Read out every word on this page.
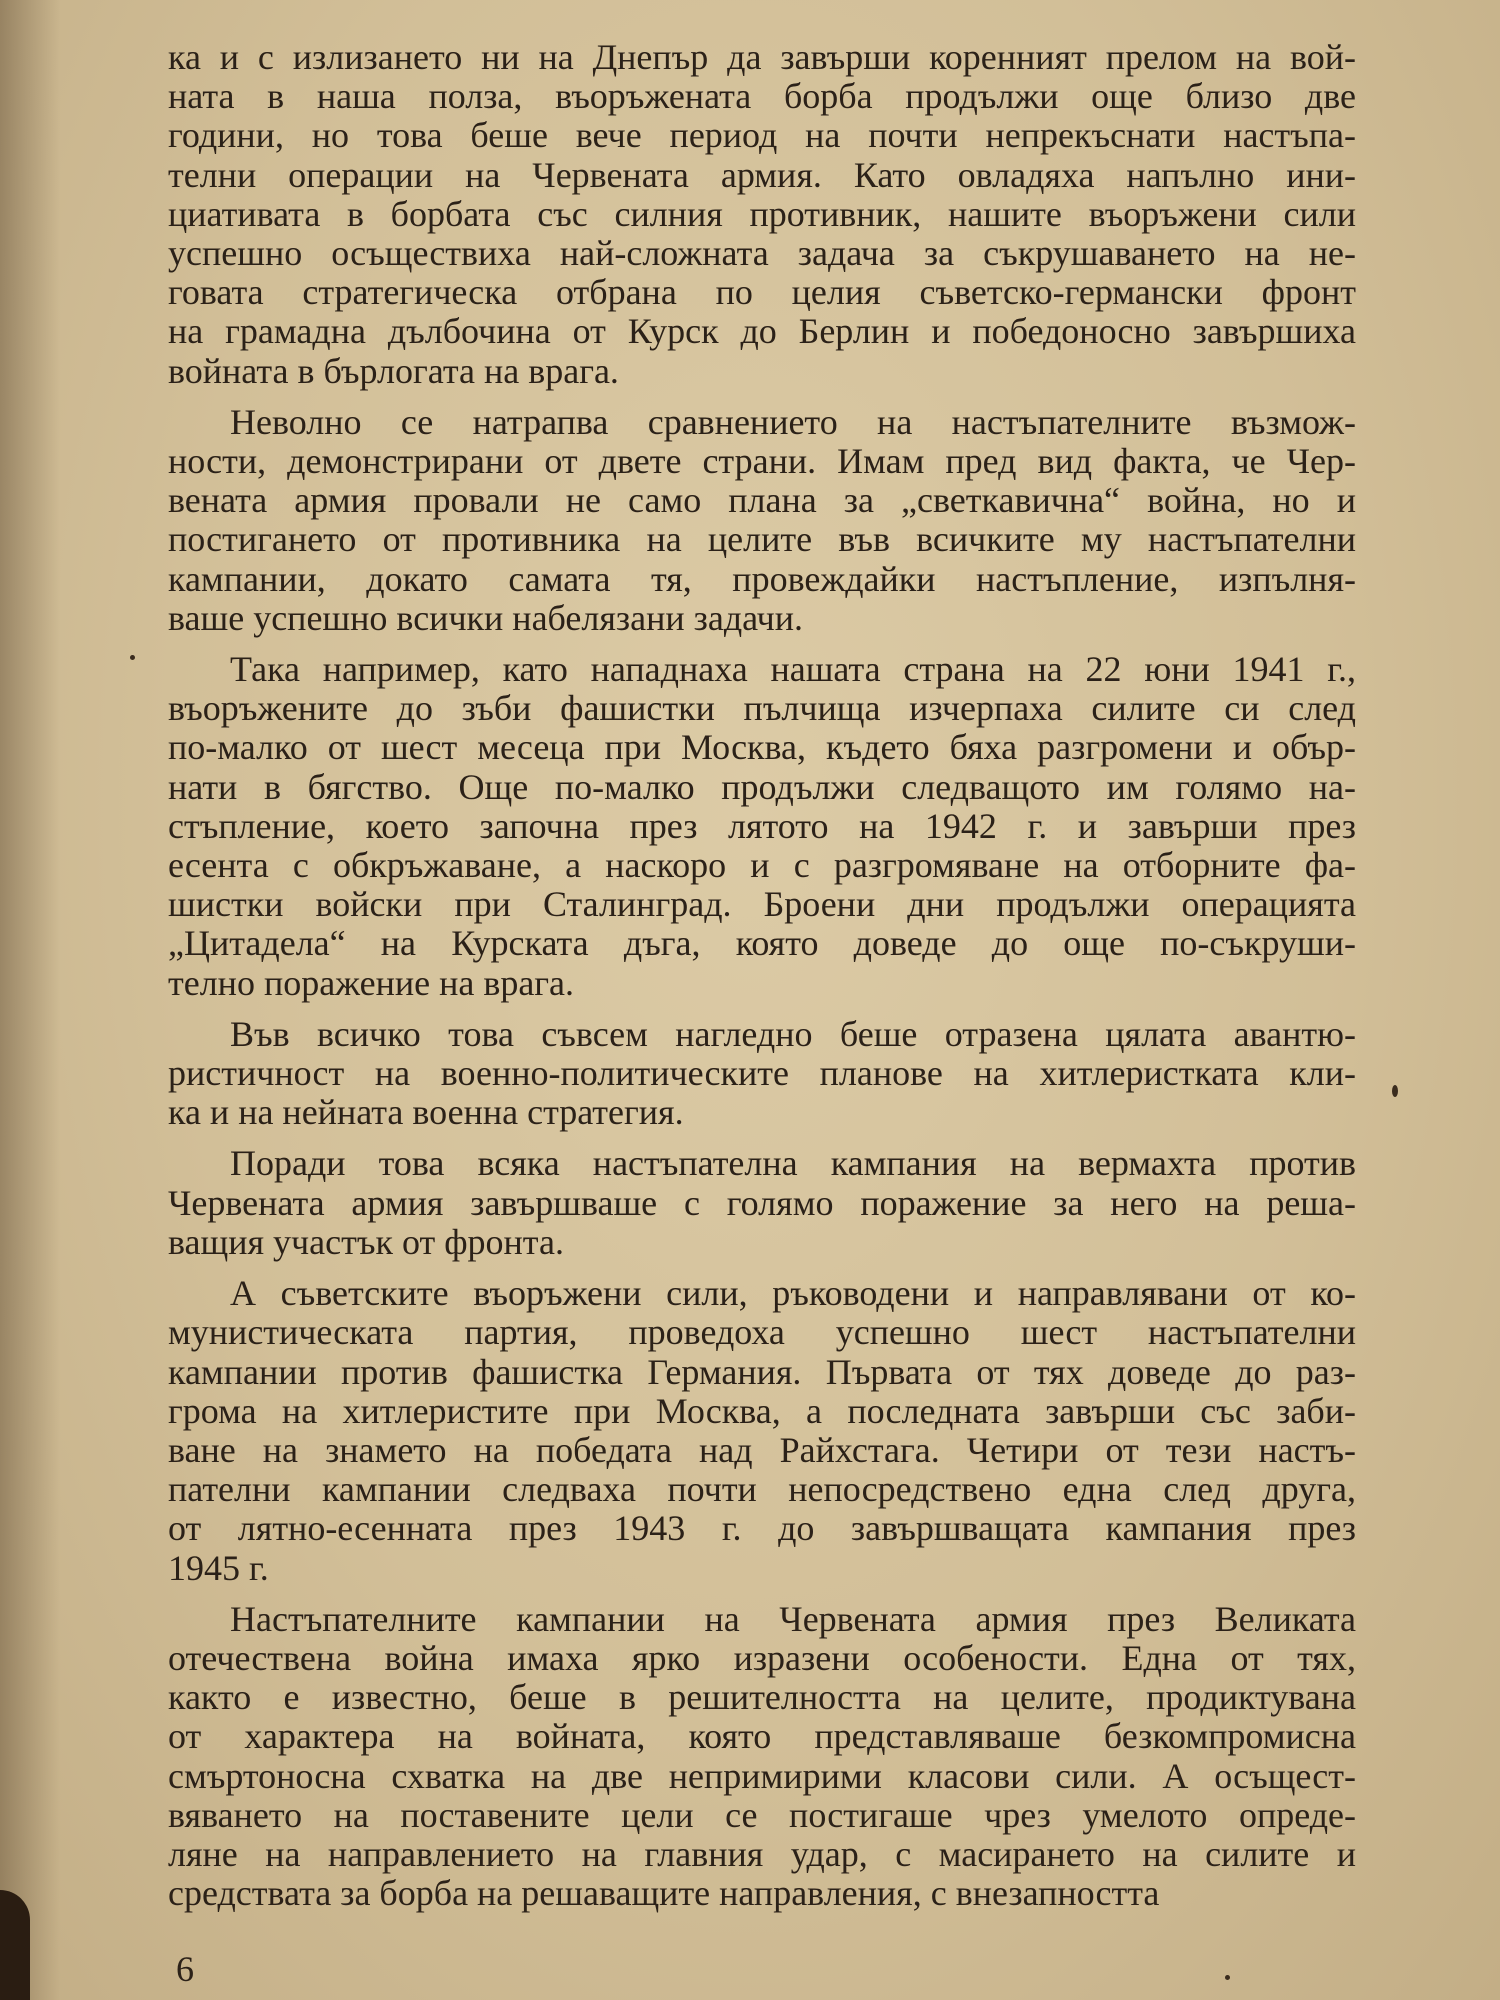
ка и с излизането ни на Днепър да завърши коренният прелом на вой-
ната в наша полза, въоръжената борба продължи още близо две
години, но това беше вече период на почти непрекъснати настъпа-
телни операции на Червената армия. Като овладяха напълно ини-
циативата в борбата със силния противник, нашите въоръжени сили
успешно осъществиха най-сложната задача за съкрушаването на не-
говата стратегическа отбрана по целия съветско-германски фронт
на грамадна дълбочина от Курск до Берлин и победоносно завършиха
войната в бърлогата на врага.
Неволно се натрапва сравнението на настъпателните възмож-
ности, демонстрирани от двете страни. Имам пред вид факта, че Чер-
вената армия провали не само плана за „светкавична“ война, но и
постигането от противника на целите във всичките му настъпателни
кампании, докато самата тя, провеждайки настъпление, изпълня-
ваше успешно всички набелязани задачи.
Така например, като нападнаха нашата страна на 22 юни 1941 г.,
въоръжените до зъби фашистки пълчища изчерпаха силите си след
по-малко от шест месеца при Москва, където бяха разгромени и обър-
нати в бягство. Още по-малко продължи следващото им голямо на-
стъпление, което започна през лятото на 1942 г. и завърши през
есента с обкръжаване, а наскоро и с разгромяване на отборните фа-
шистки войски при Сталинград. Броени дни продължи операцията
„Цитадела“ на Курската дъга, която доведе до още по-съкруши-
телно поражение на врага.
Във всичко това съвсем нагледно беше отразена цялата авантю-
ристичност на военно-политическите планове на хитлеристката кли-
ка и на нейната военна стратегия.
Поради това всяка настъпателна кампания на вермахта против
Червената армия завършваше с голямо поражение за него на реша-
ващия участък от фронта.
А съветските въоръжени сили, ръководени и направлявани от ко-
мунистическата партия, проведоха успешно шест настъпателни
кампании против фашистка Германия. Първата от тях доведе до раз-
грома на хитлеристите при Москва, а последната завърши със заби-
ване на знамето на победата над Райхстага. Четири от тези настъ-
пателни кампании следваха почти непосредствено една след друга,
от лятно-есенната през 1943 г. до завършващата кампания през
1945 г.
Настъпателните кампании на Червената армия през Великата
отечествена война имаха ярко изразени особености. Една от тях,
както е известно, беше в решителността на целите, продиктувана
от характера на войната, която представляваше безкомпромисна
смъртоносна схватка на две непримирими класови сили. А осъщест-
вяването на поставените цели се постигаше чрез умелото опреде-
ляне на направлението на главния удар, с масирането на силите и
средствата за борба на решаващите направления, с внезапността
6
